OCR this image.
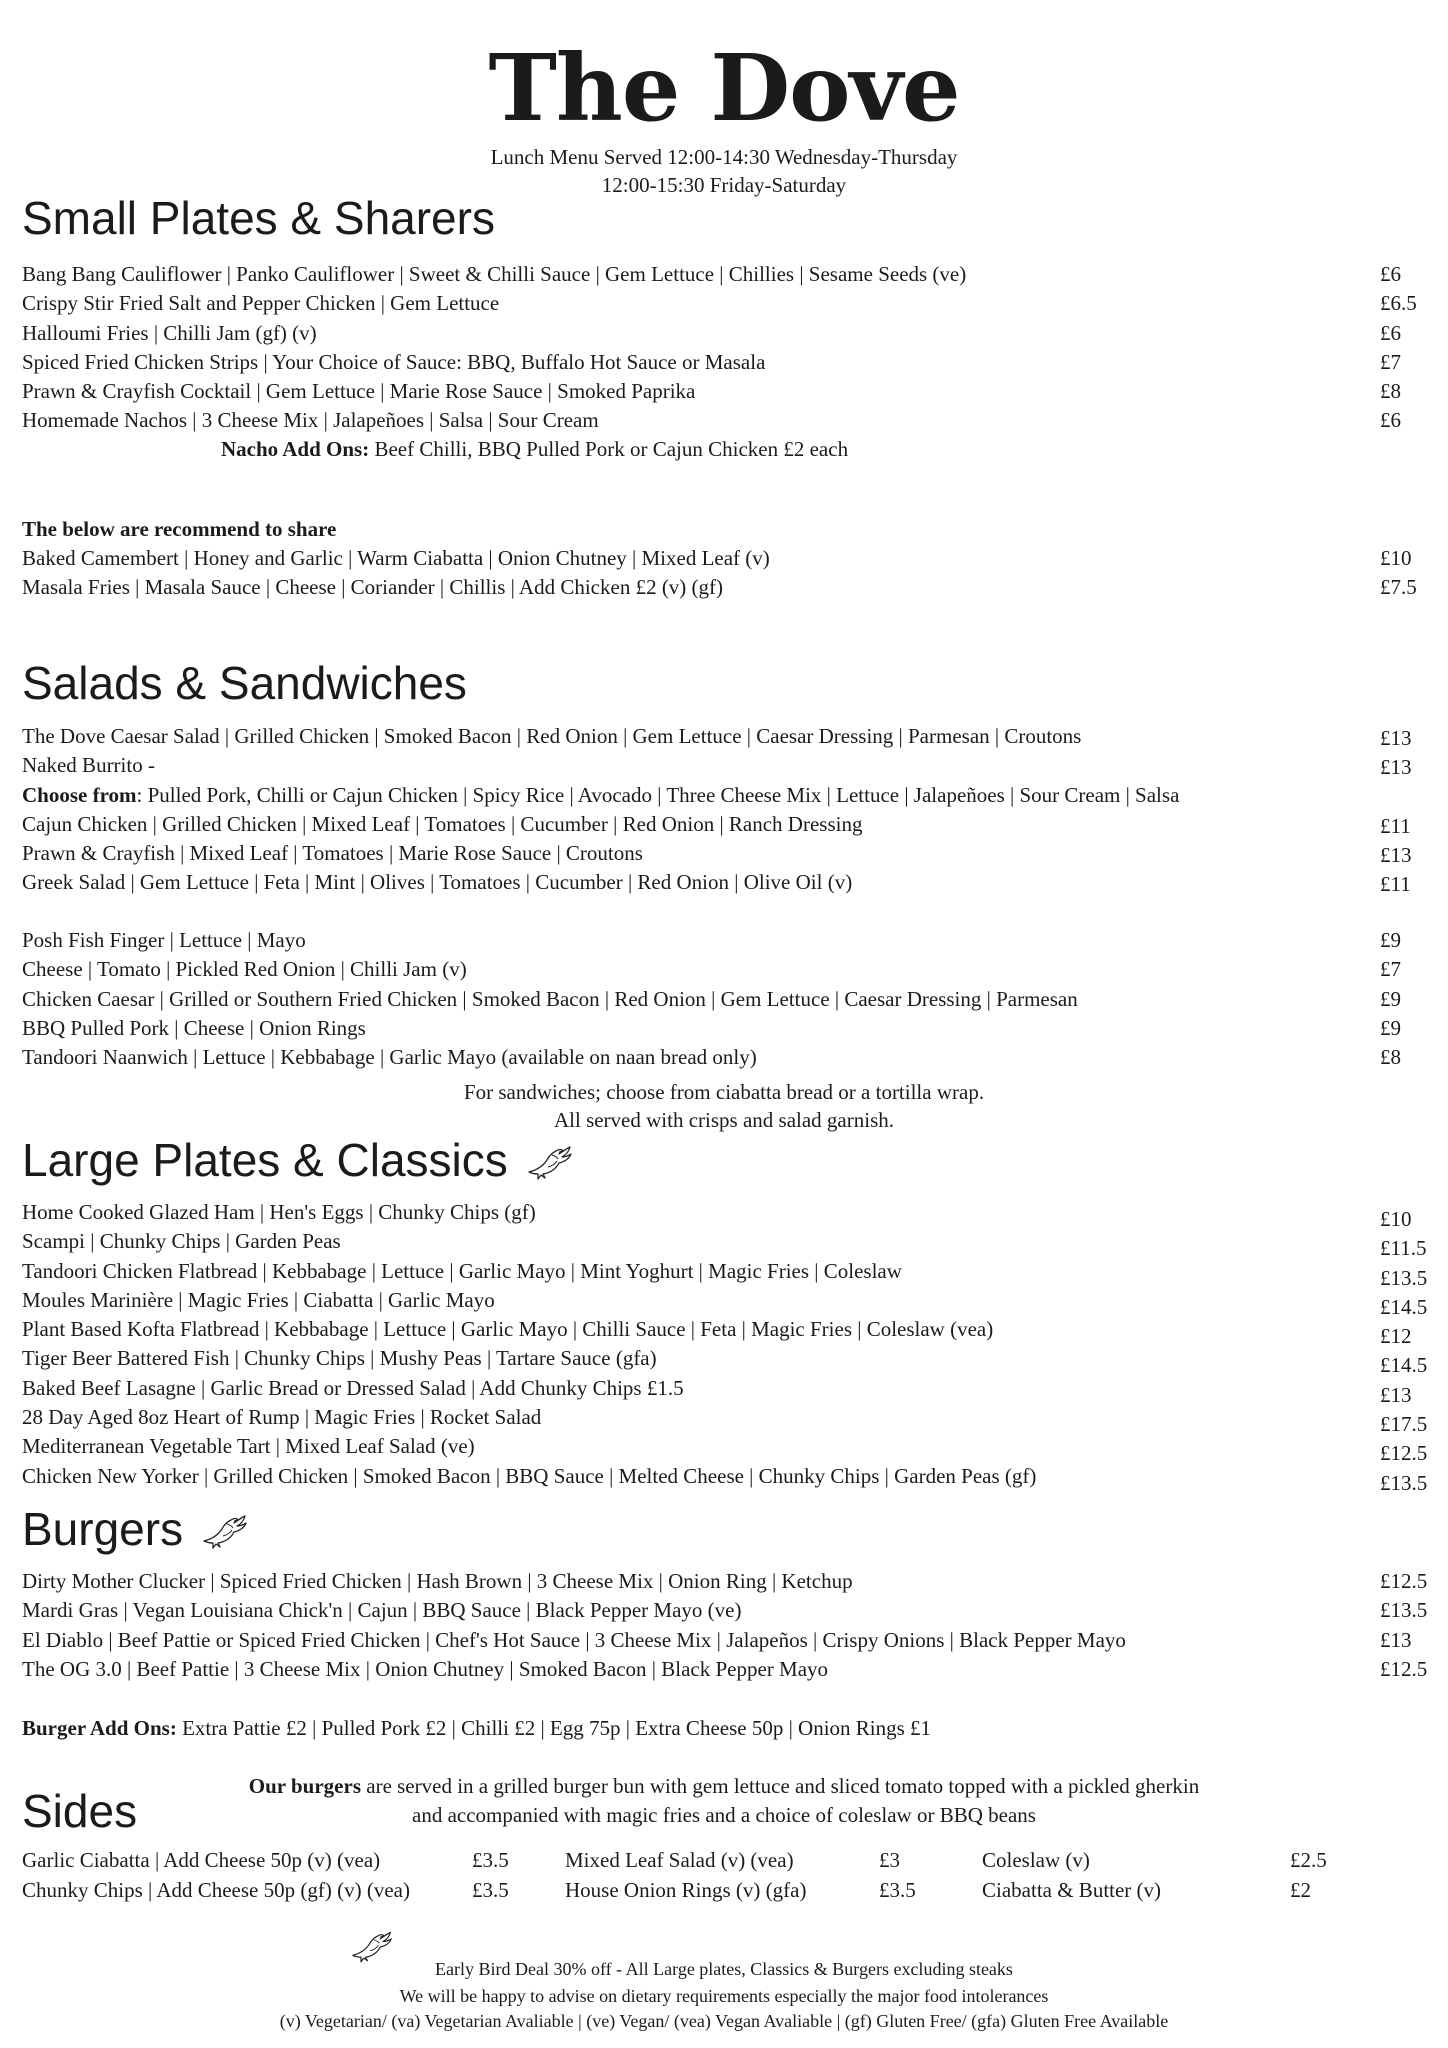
The Dove
Lunch Menu Served 12:00-14:30 Wednesday-Thursday
12:00-15:30 Friday-Saturday
Small Plates & Sharers
Bang Bang Cauliflower | Panko Cauliflower | Sweet & Chilli Sauce | Gem Lettuce | Chillies | Sesame Seeds (ve)	£6
Crispy Stir Fried Salt and Pepper Chicken | Gem Lettuce	£6.5
Halloumi Fries | Chilli Jam (gf) (v)	£6
Spiced Fried Chicken Strips | Your Choice of Sauce: BBQ, Buffalo Hot Sauce or Masala	£7
Prawn & Crayfish Cocktail | Gem Lettuce | Marie Rose Sauce | Smoked Paprika	£8
Homemade Nachos | 3 Cheese Mix | Jalapeñoes | Salsa | Sour Cream	£6
Nacho Add Ons: Beef Chilli, BBQ Pulled Pork or Cajun Chicken £2 each
The below are recommend to share
Baked Camembert | Honey and Garlic | Warm Ciabatta | Onion Chutney | Mixed Leaf (v)	£10
Masala Fries | Masala Sauce | Cheese | Coriander | Chillis | Add Chicken £2 (v) (gf)	£7.5
Salads & Sandwiches
The Dove Caesar Salad | Grilled Chicken | Smoked Bacon | Red Onion | Gem Lettuce | Caesar Dressing | Parmesan | Croutons	£13
Naked Burrito -	£13
Choose from: Pulled Pork, Chilli or Cajun Chicken | Spicy Rice | Avocado | Three Cheese Mix | Lettuce | Jalapeñoes | Sour Cream | Salsa
Cajun Chicken | Grilled Chicken | Mixed Leaf | Tomatoes | Cucumber | Red Onion | Ranch Dressing	£11
Prawn & Crayfish | Mixed Leaf | Tomatoes | Marie Rose Sauce | Croutons	£13
Greek Salad | Gem Lettuce | Feta | Mint | Olives | Tomatoes | Cucumber | Red Onion | Olive Oil (v)	£11
Posh Fish Finger | Lettuce | Mayo	£9
Cheese | Tomato | Pickled Red Onion | Chilli Jam (v)	£7
Chicken Caesar | Grilled or Southern Fried Chicken | Smoked Bacon | Red Onion | Gem Lettuce | Caesar Dressing | Parmesan	£9
BBQ Pulled Pork | Cheese | Onion Rings	£9
Tandoori Naanwich | Lettuce | Kebbabage | Garlic Mayo (available on naan bread only)	£8
For sandwiches; choose from ciabatta bread or a tortilla wrap.
All served with crisps and salad garnish.
Large Plates & Classics
Home Cooked Glazed Ham | Hen's Eggs | Chunky Chips (gf)	£10
Scampi | Chunky Chips | Garden Peas	£11.5
Tandoori Chicken Flatbread | Kebbabage | Lettuce | Garlic Mayo | Mint Yoghurt | Magic Fries | Coleslaw	£13.5
Moules Marinière | Magic Fries | Ciabatta | Garlic Mayo	£14.5
Plant Based Kofta Flatbread | Kebbabage | Lettuce | Garlic Mayo | Chilli Sauce | Feta | Magic Fries | Coleslaw (vea)	£12
Tiger Beer Battered Fish | Chunky Chips | Mushy Peas | Tartare Sauce (gfa)	£14.5
Baked Beef Lasagne | Garlic Bread or Dressed Salad | Add Chunky Chips £1.5	£13
28 Day Aged 8oz Heart of Rump | Magic Fries | Rocket Salad	£17.5
Mediterranean Vegetable Tart | Mixed Leaf Salad (ve)	£12.5
Chicken New Yorker | Grilled Chicken | Smoked Bacon | BBQ Sauce | Melted Cheese | Chunky Chips | Garden Peas (gf)	£13.5
Burgers
Dirty Mother Clucker | Spiced Fried Chicken | Hash Brown | 3 Cheese Mix | Onion Ring | Ketchup	£12.5
Mardi Gras | Vegan Louisiana Chick'n | Cajun | BBQ Sauce | Black Pepper Mayo (ve)	£13.5
El Diablo | Beef Pattie or Spiced Fried Chicken | Chef's Hot Sauce | 3 Cheese Mix | Jalapeños | Crispy Onions | Black Pepper Mayo	£13
The OG 3.0 | Beef Pattie | 3 Cheese Mix | Onion Chutney | Smoked Bacon | Black Pepper Mayo	£12.5
Burger Add Ons: Extra Pattie £2 | Pulled Pork £2 | Chilli £2 | Egg 75p | Extra Cheese 50p | Onion Rings £1
Our burgers are served in a grilled burger bun with gem lettuce and sliced tomato topped with a pickled gherkin
and accompanied with magic fries and a choice of coleslaw or BBQ beans
Sides
Garlic Ciabatta | Add Cheese 50p (v) (vea)	£3.5	Mixed Leaf Salad (v) (vea)	£3	Coleslaw (v)	£2.5
Chunky Chips | Add Cheese 50p (gf) (v) (vea)	£3.5	House Onion Rings (v) (gfa)	£3.5	Ciabatta & Butter (v)	£2
Early Bird Deal 30% off - All Large plates, Classics & Burgers excluding steaks
We will be happy to advise on dietary requirements especially the major food intolerances
(v) Vegetarian/ (va) Vegetarian Avaliable | (ve) Vegan/ (vea) Vegan Avaliable | (gf) Gluten Free/ (gfa) Gluten Free Available
